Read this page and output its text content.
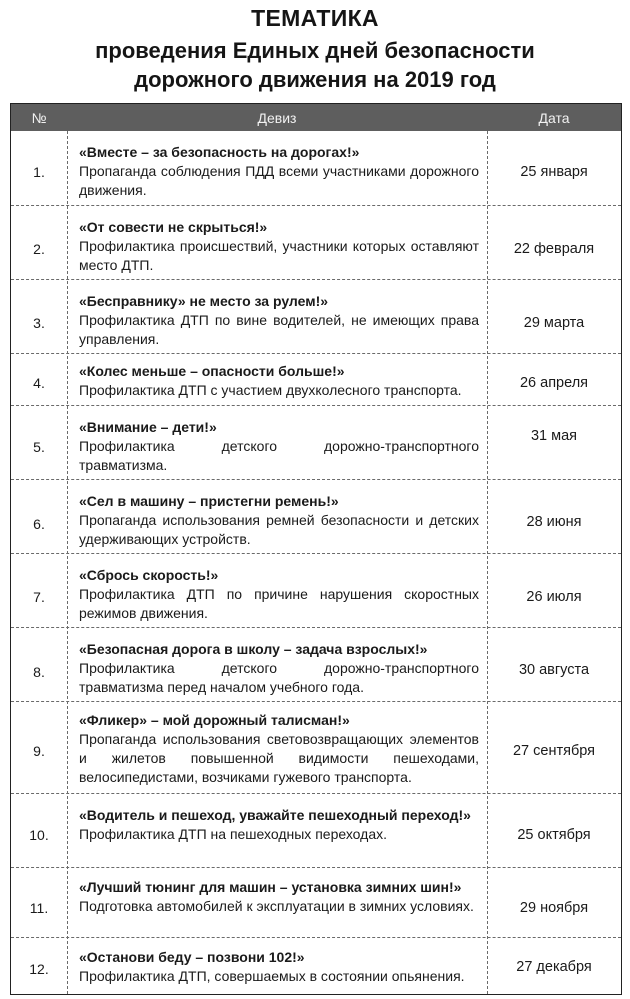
ТЕМАТИКА
проведения Единых дней безопасности
дорожного движения на 2019 год
№	Девиз	Дата
1.
«Вместе – за безопасность на дорогах!»
Пропаганда соблюдения ПДД всеми участниками дорожного движения.
25 января
2.
«От совести не скрыться!»
Профилактика происшествий, участники которых оставляют место ДТП.
22 февраля
3.
«Бесправнику» не место за рулем!»
Профилактика ДТП по вине водителей, не имеющих права управления.
29 марта
4.
«Колес меньше – опасности больше!»
Профилактика ДТП с участием двухколесного транспорта.	26 апреля
5.
«Внимание – дети!»
Профилактика детского дорожно-транспортного травматизма.
31 мая
6.
«Сел в машину – пристегни ремень!»
Пропаганда использования ремней безопасности и детских удерживающих устройств.
28 июня
7.
«Сбрось скорость!»
Профилактика ДТП по причине нарушения скоростных режимов движения.
26 июля
8.
«Безопасная дорога в школу – задача взрослых!»
Профилактика детского дорожно-транспортного травматизма перед началом учебного года.
30 августа
9.
«Фликер» – мой дорожный талисман!»
Пропаганда использования световозвращающих элементов и жилетов повышенной видимости пешеходами, велосипедистами, возчиками гужевого транспорта.
27 сентября
10.
«Водитель и пешеход, уважайте пешеходный переход!»
Профилактика ДТП на пешеходных переходах.	25 октября
11.
«Лучший тюнинг для машин – установка зимних шин!»
Подготовка автомобилей к эксплуатации в зимних условиях.	29 ноября
12.
«Останови беду – позвони 102!»
Профилактика ДТП, совершаемых в состоянии опьянения.
27 декабря
